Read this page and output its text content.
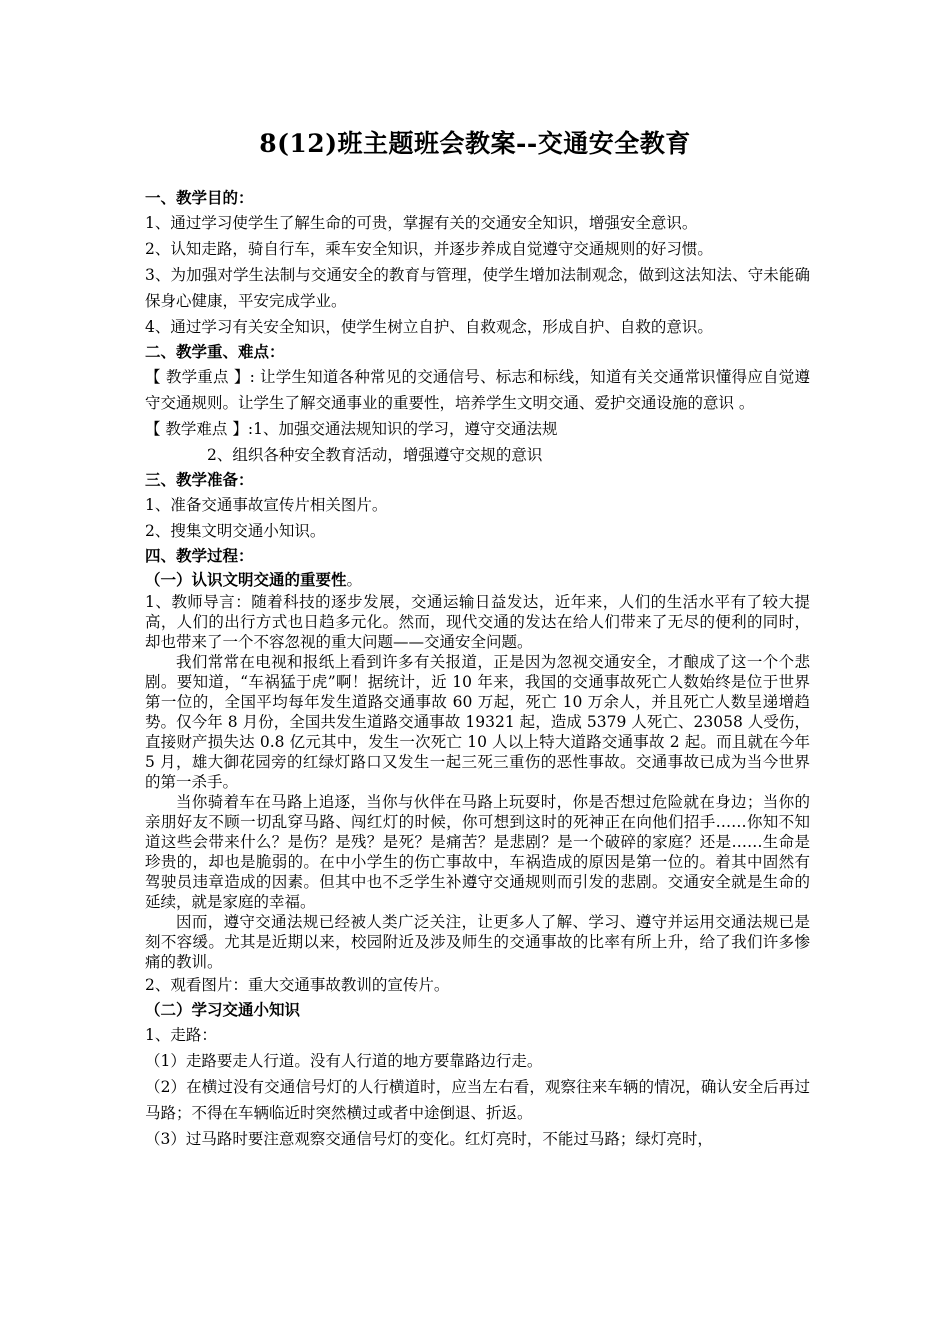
8(12)班主题班会教案--交通安全教育

一、教学目的：

1、通过学习使学生了解生命的可贵，掌握有关的交通安全知识，增强安全意识。

2、认知走路，骑自行车，乘车安全知识，并逐步养成自觉遵守交通规则的好习惯。

3、为加强对学生法制与交通安全的教育与管理，使学生增加法制观念，做到这法知法、守未能确保身心健康，平安完成学业。

4、通过学习有关安全知识，使学生树立自护、自救观念，形成自护、自救的意识。

二、教学重、难点：

【 教学重点 】: 让学生知道各种常见的交通信号、标志和标线，知道有关交通常识懂得应自觉遵守交通规则。让学生了解交通事业的重要性，培养学生文明交通、爱护交通设施的意识 。

【 教学难点 】:1、加强交通法规知识的学习，遵守交通法规

2、组织各种安全教育活动，增强遵守交规的意识

三、教学准备：

1、准备交通事故宣传片相关图片。

2、搜集文明交通小知识。

四、教学过程：

（一）认识文明交通的重要性。

1、教师导言：随着科技的逐步发展，交通运输日益发达，近年来，人们的生活水平有了较大提高，人们的出行方式也日趋多元化。然而，现代交通的发达在给人们带来了无尽的便利的同时，却也带来了一个不容忽视的重大问题——交通安全问题。

我们常常在电视和报纸上看到许多有关报道，正是因为忽视交通安全，才酿成了这一个个悲剧。要知道，“车祸猛于虎”啊！据统计，近 10 年来，我国的交通事故死亡人数始终是位于世界第一位的，全国平均每年发生道路交通事故 60 万起，死亡 10 万余人，并且死亡人数呈递增趋势。仅今年 8 月份，全国共发生道路交通事故 19321 起，造成 5379 人死亡、23058 人受伤，直接财产损失达 0.8 亿元其中，发生一次死亡 10 人以上特大道路交通事故 2 起。而且就在今年 5 月，雄大御花园旁的红绿灯路口又发生一起三死三重伤的恶性事故。交通事故已成为当今世界的第一杀手。

当你骑着车在马路上追逐，当你与伙伴在马路上玩耍时，你是否想过危险就在身边；当你的亲朋好友不顾一切乱穿马路、闯红灯的时候，你可想到这时的死神正在向他们招手……你知不知道这些会带来什么？是伤？是残？是死？是痛苦？是悲剧？是一个破碎的家庭？还是……生命是珍贵的，却也是脆弱的。在中小学生的伤亡事故中，车祸造成的原因是第一位的。着其中固然有驾驶员违章造成的因素。但其中也不乏学生补遵守交通规则而引发的悲剧。交通安全就是生命的延续，就是家庭的幸福。

因而，遵守交通法规已经被人类广泛关注，让更多人了解、学习、遵守并运用交通法规已是刻不容缓。尤其是近期以来，校园附近及涉及师生的交通事故的比率有所上升，给了我们许多惨痛的教训。

2、观看图片：重大交通事故教训的宣传片。

（二）学习交通小知识

1、走路：

（1）走路要走人行道。没有人行道的地方要靠路边行走。

（2）在横过没有交通信号灯的人行横道时，应当左右看，观察往来车辆的情况，确认安全后再过马路；不得在车辆临近时突然横过或者中途倒退、折返。

（3）过马路时要注意观察交通信号灯的变化。红灯亮时，不能过马路；绿灯亮时，
